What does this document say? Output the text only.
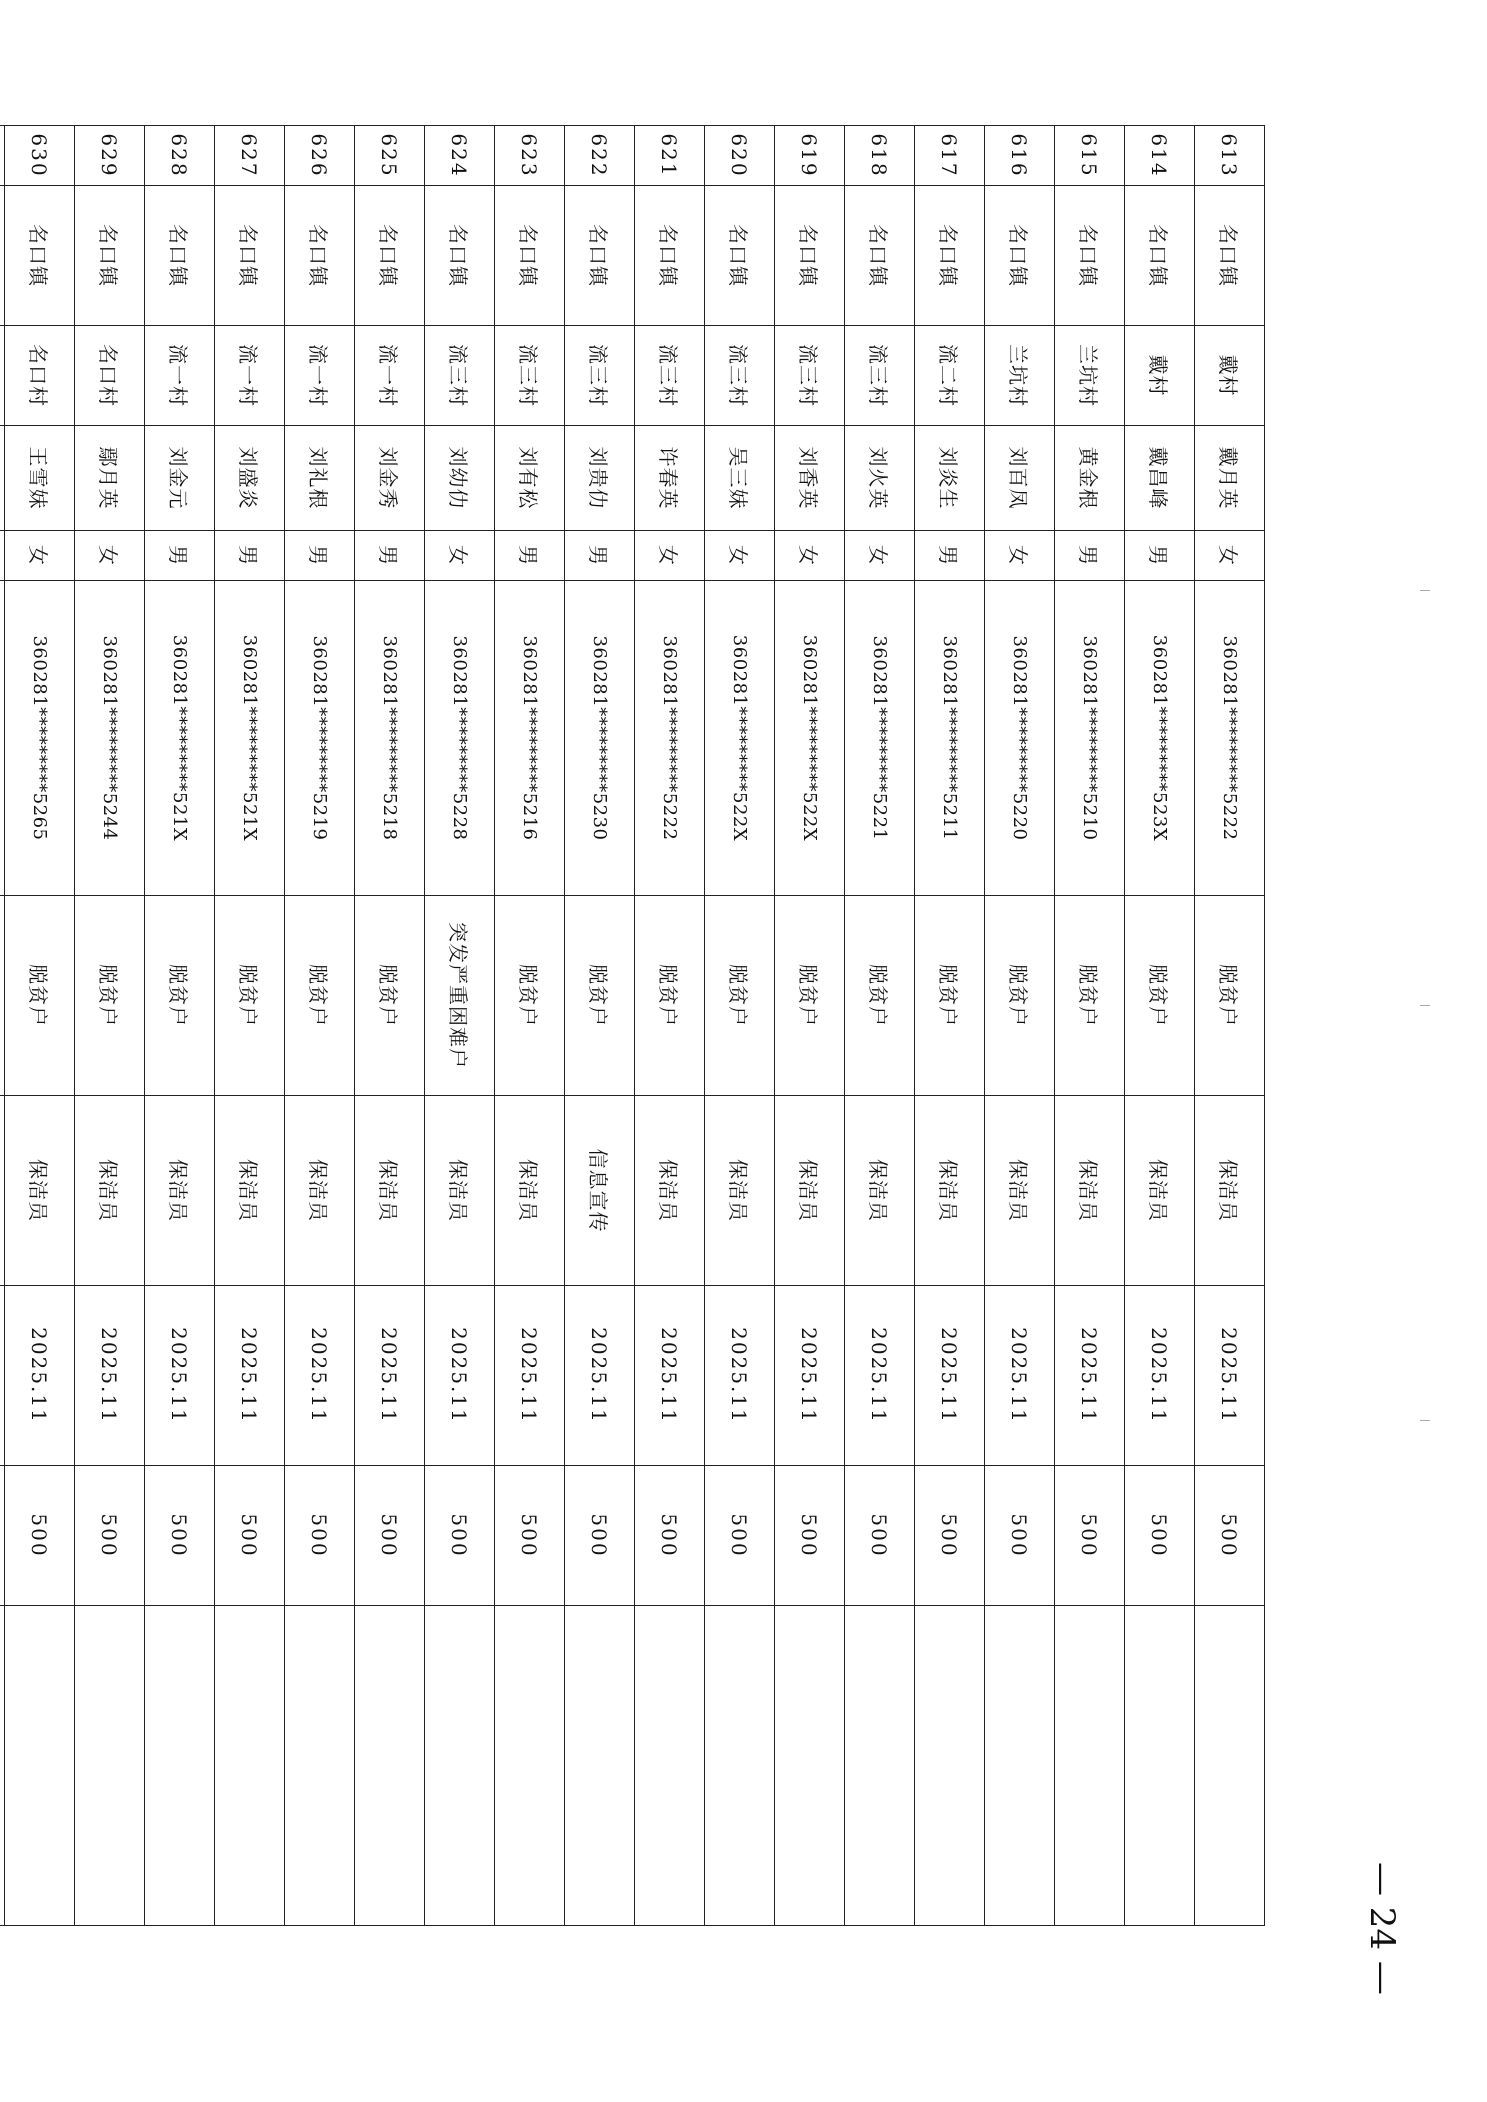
613	名口镇	戴村	戴月英	女	360281*********5222	脱贫户	保洁员	2025.11	500	
614	名口镇	戴村	戴昌峰	男	360281*********523X	脱贫户	保洁员	2025.11	500	
615	名口镇	兰坑村	黄金根	男	360281*********5210	脱贫户	保洁员	2025.11	500	
616	名口镇	兰坑村	刘百凤	女	360281*********5220	脱贫户	保洁员	2025.11	500	
617	名口镇	流二村	刘炎生	男	360281*********5211	脱贫户	保洁员	2025.11	500	
618	名口镇	流三村	刘火英	女	360281*********5221	脱贫户	保洁员	2025.11	500	
619	名口镇	流三村	刘香英	女	360281*********522X	脱贫户	保洁员	2025.11	500	
620	名口镇	流三村	吴三妹	女	360281*********522X	脱贫户	保洁员	2025.11	500	
621	名口镇	流三村	许春英	女	360281*********5222	脱贫户	保洁员	2025.11	500	
622	名口镇	流三村	刘贵仂	男	360281*********5230	脱贫户	信息宣传	2025.11	500	
623	名口镇	流三村	刘有松	男	360281*********5216	脱贫户	保洁员	2025.11	500	
624	名口镇	流三村	刘幼仂	女	360281*********5228	突发严重困难户	保洁员	2025.11	500	
625	名口镇	流一村	刘金秀	男	360281*********5218	脱贫户	保洁员	2025.11	500	
626	名口镇	流一村	刘礼根	男	360281*********5219	脱贫户	保洁员	2025.11	500	
627	名口镇	流一村	刘盛炎	男	360281*********521X	脱贫户	保洁员	2025.11	500	
628	名口镇	流一村	刘金元	男	360281*********521X	脱贫户	保洁员	2025.11	500	
629	名口镇	名口村	鄢月英	女	360281*********5244	脱贫户	保洁员	2025.11	500	
630	名口镇	名口村	王雪妹	女	360281*********5265	脱贫户	保洁员	2025.11	500	

— 24 —
